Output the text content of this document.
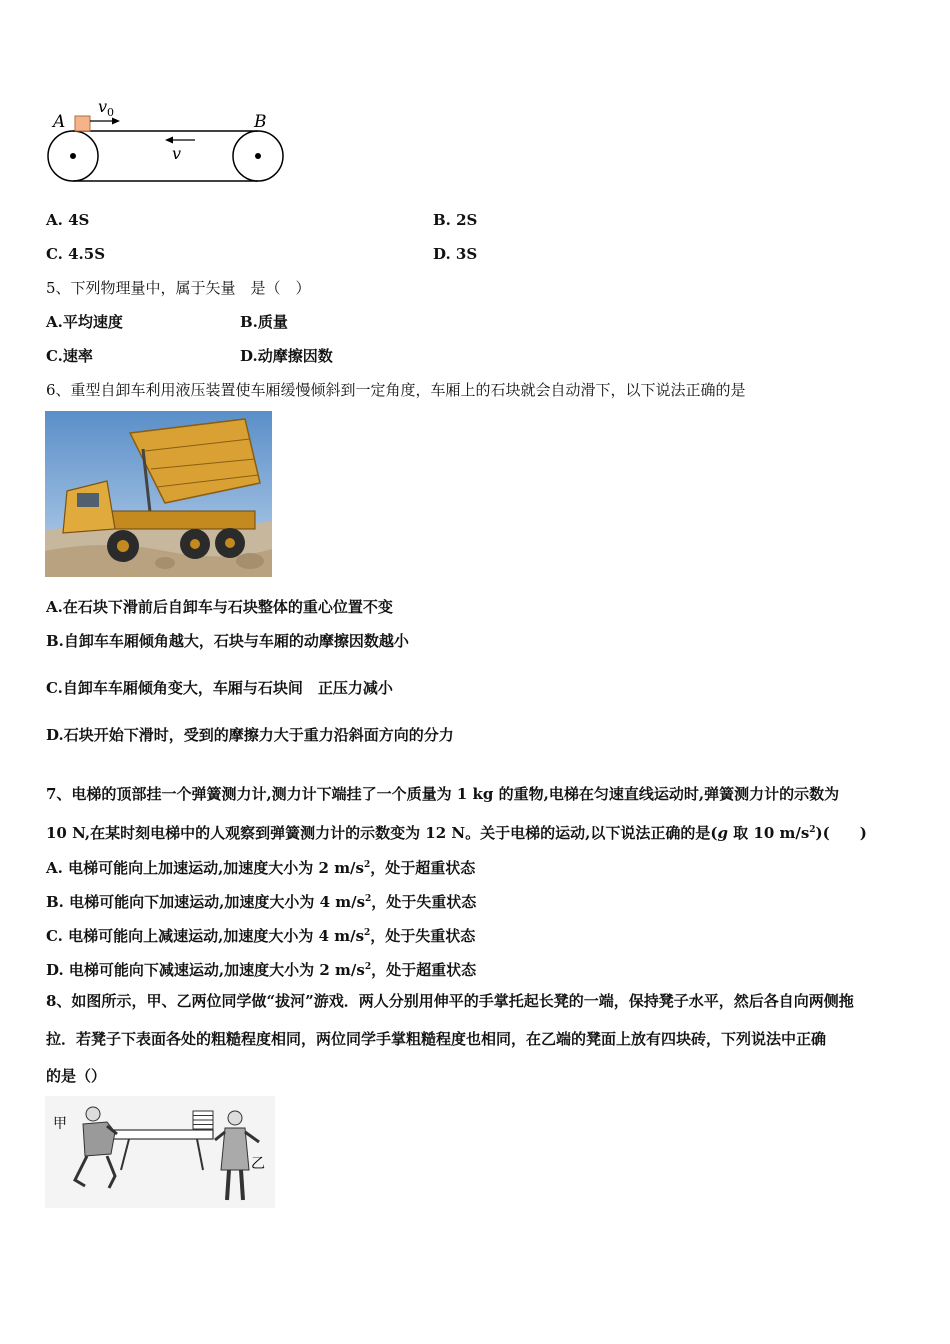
A	B
$v_0$
v
A. 4S	B. 2S
C. 4.5S	D. 3S
5、下列物理量中，属于矢量　是（　）
A.平均速度	B.质量
C.速率	D.动摩擦因数
6、重型自卸车利用液压装置使车厢缓慢倾斜到一定角度，车厢上的石块就会自动滑下，以下说法正确的是
A.在石块下滑前后自卸车与石块整体的重心位置不变
B.自卸车车厢倾角越大，石块与车厢的动摩擦因数越小
C.自卸车车厢倾角变大，车厢与石块间　正压力减小
D.石块开始下滑时，受到的摩擦力大于重力沿斜面方向的分力
7、电梯的顶部挂一个弹簧测力计,测力计下端挂了一个质量为 1 kg 的重物,电梯在匀速直线运动时,弹簧测力计的示数为
10 N,在某时刻电梯中的人观察到弹簧测力计的示数变为 12 N。关于电梯的运动,以下说法正确的是(g 取 10 $m/s^2$)(　　)
A. 电梯可能向上加速运动,加速度大小为 2 $m/s^2$，处于超重状态
B. 电梯可能向下加速运动,加速度大小为 4 $m/s^2$，处于失重状态
C. 电梯可能向上减速运动,加速度大小为 4 $m/s^2$，处于失重状态
D. 电梯可能向下减速运动,加速度大小为 2 $m/s^2$，处于超重状态
8、如图所示，甲、乙两位同学做“拔河”游戏．两人分别用伸平的手掌托起长凳的一端，保持凳子水平，然后各自向两侧拖
拉．若凳子下表面各处的粗糙程度相同，两位同学手掌粗糙程度也相同，在乙端的凳面上放有四块砖，下列说法中正确
的是（）
甲
乙
